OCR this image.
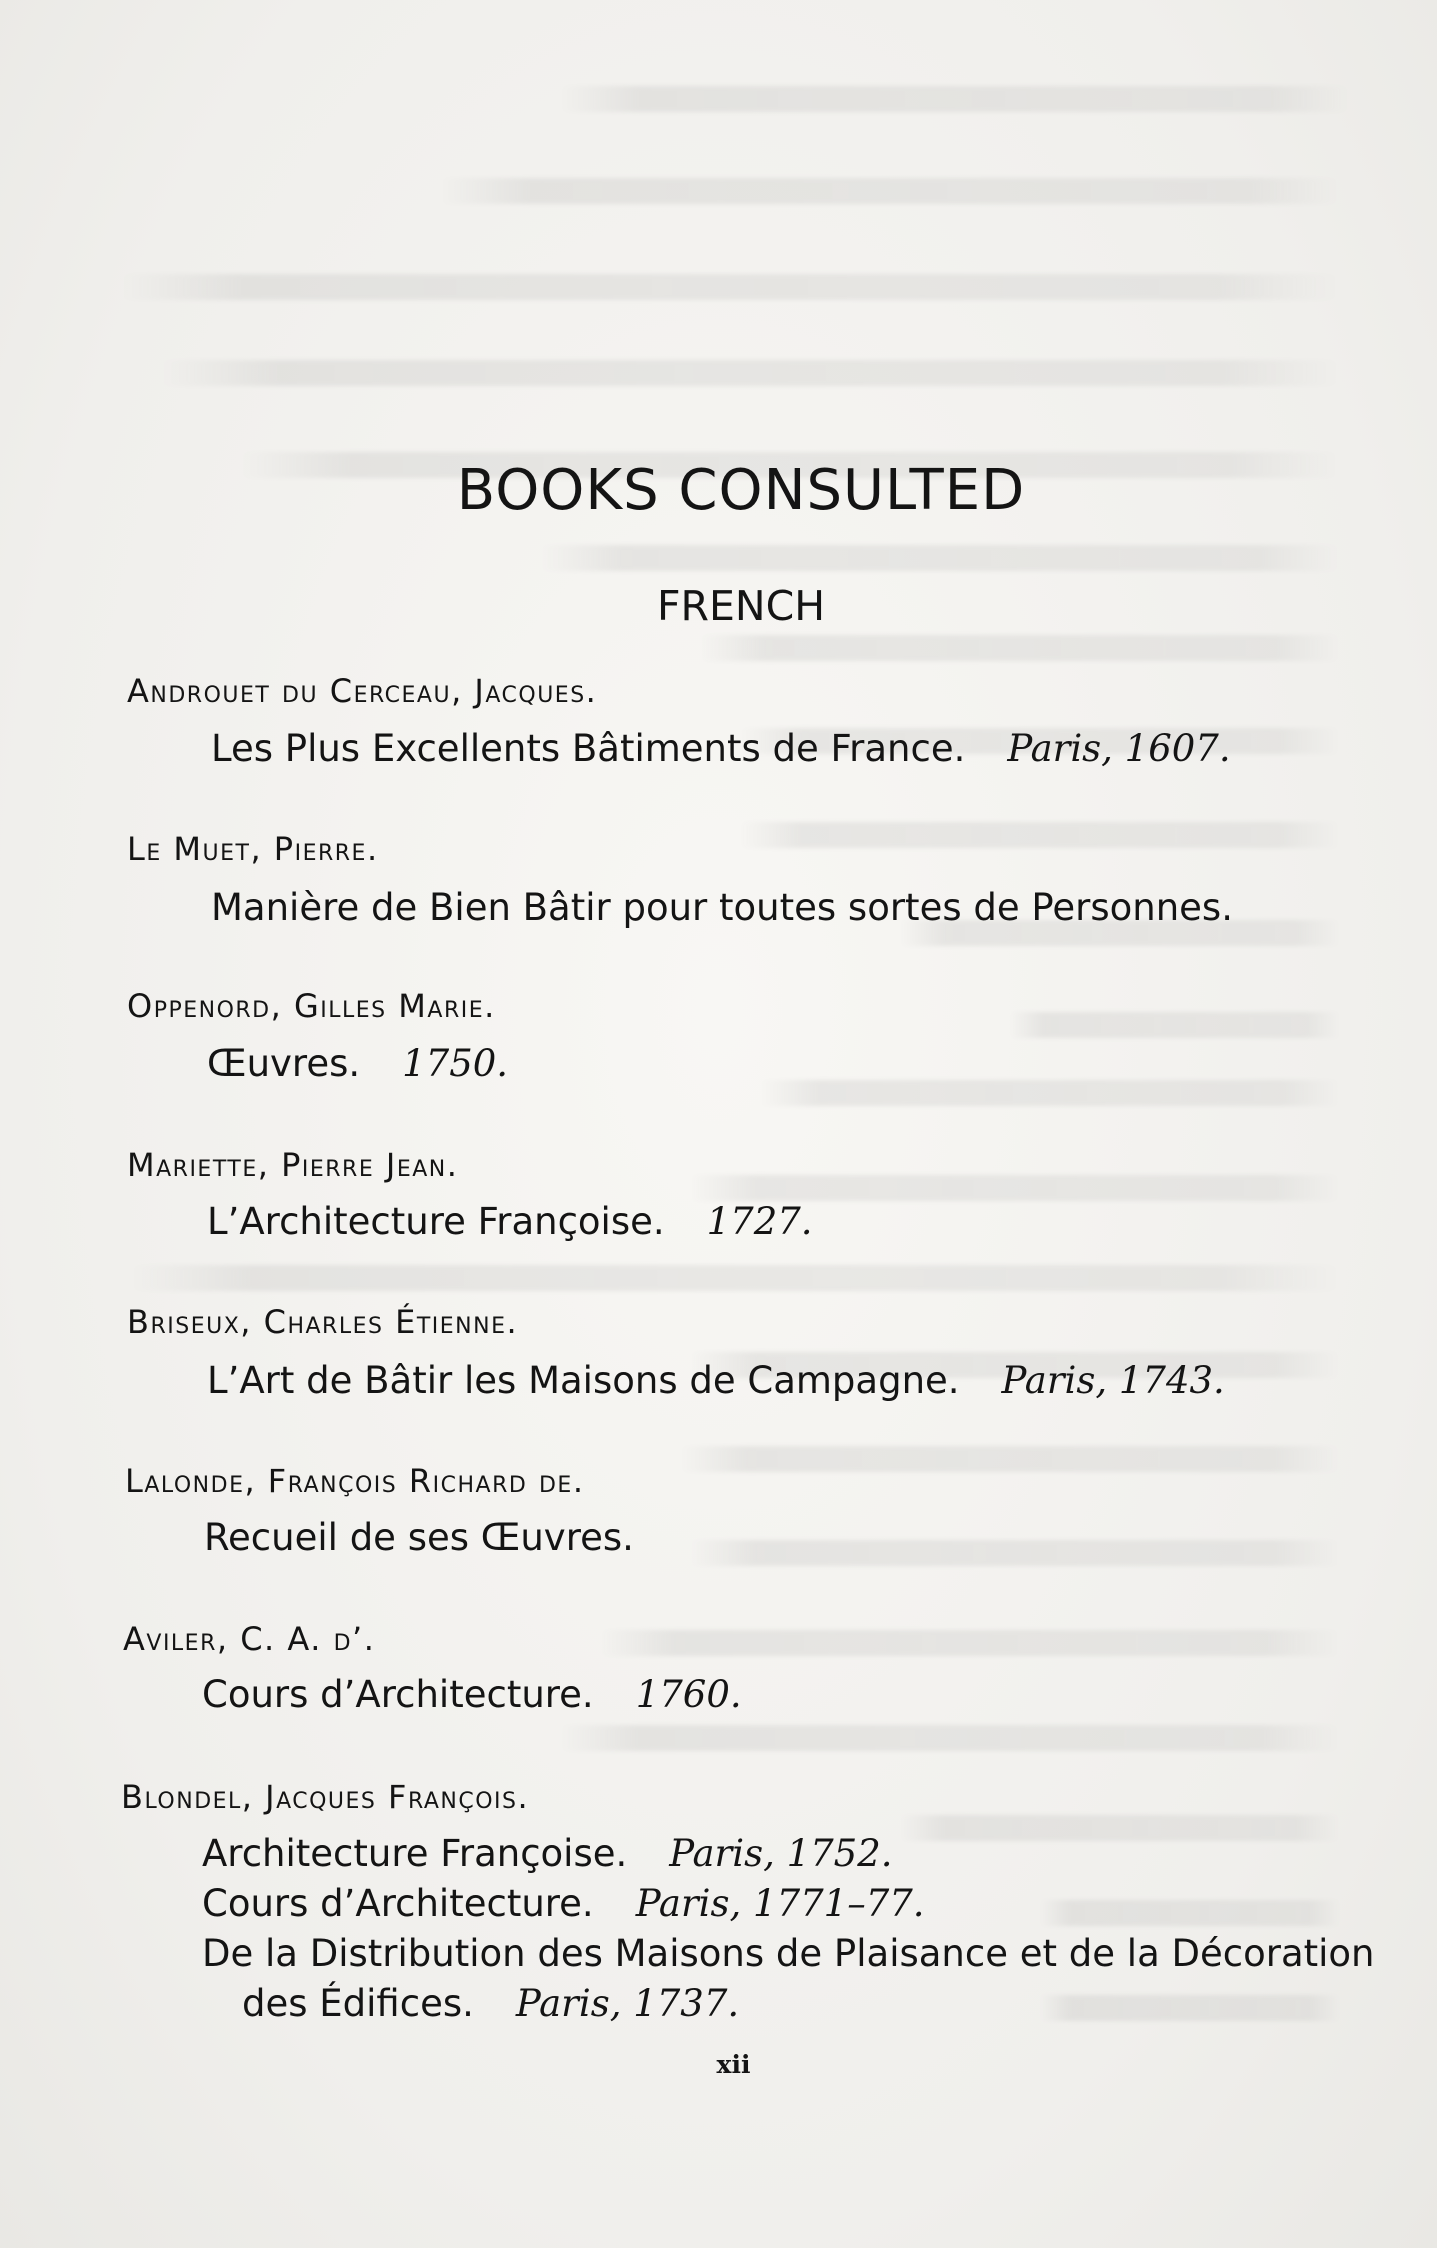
BOOKS CONSULTED
FRENCH
Androuet du Cerceau, Jacques.
Les Plus Excellents Bâtiments de France. Paris, 1607.
Le Muet, Pierre.
Manière de Bien Bâtir pour toutes sortes de Personnes.
Oppenord, Gilles Marie.
Œuvres. 1750.
Mariette, Pierre Jean.
L’Architecture Françoise. 1727.
Briseux, Charles Étienne.
L’Art de Bâtir les Maisons de Campagne. Paris, 1743.
Lalonde, François Richard de.
Recueil de ses Œuvres.
Aviler, C. A. d’.
Cours d’Architecture. 1760.
Blondel, Jacques François.
Architecture Françoise. Paris, 1752.
Cours d’Architecture. Paris, 1771–77.
De la Distribution des Maisons de Plaisance et de la Décoration
des Édifices. Paris, 1737.
xii
